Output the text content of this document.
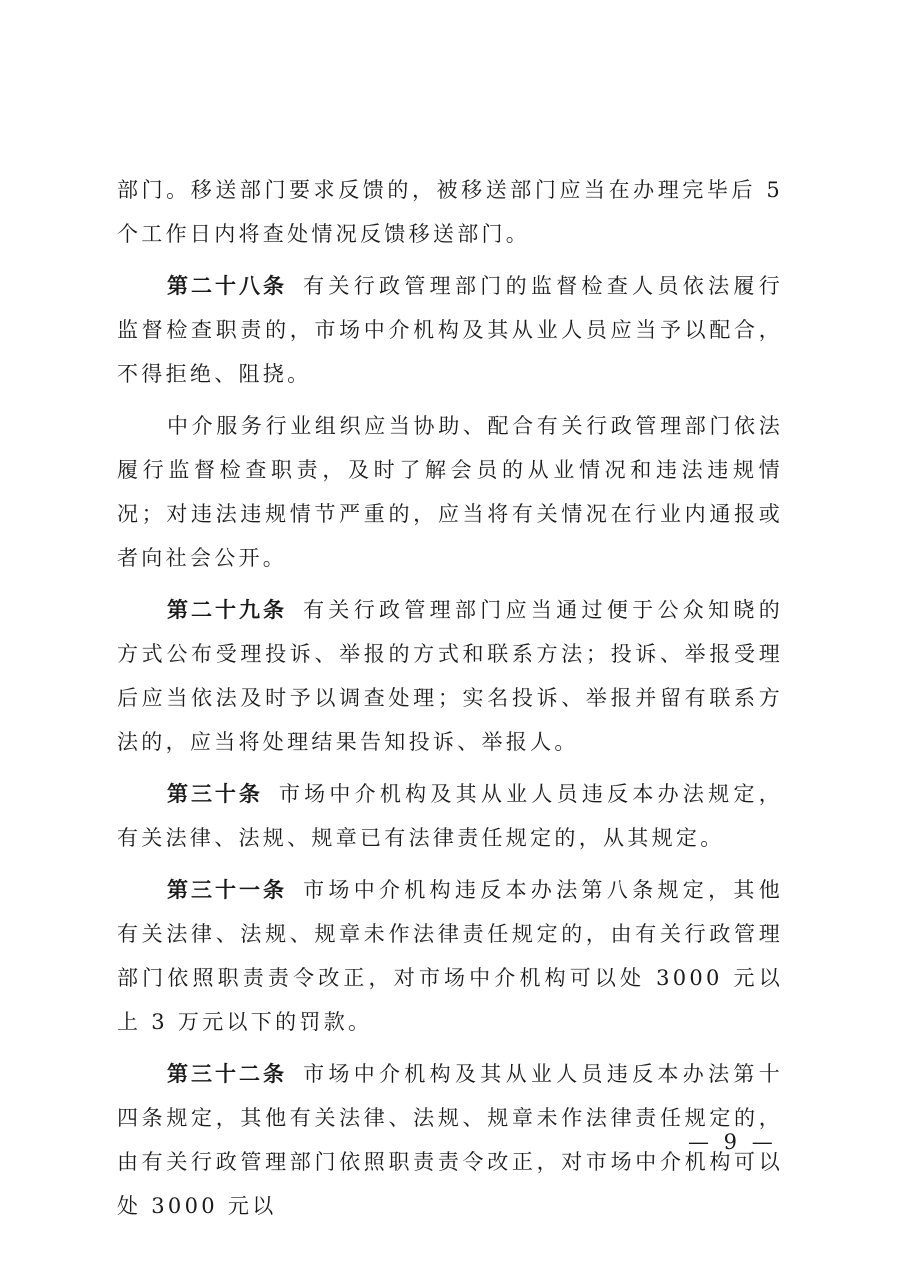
部门。移送部门要求反馈的，被移送部门应当在办理完毕后 5 个工作日内将查处情况反馈移送部门。

第二十八条 有关行政管理部门的监督检查人员依法履行监督检查职责的，市场中介机构及其从业人员应当予以配合，不得拒绝、阻挠。

中介服务行业组织应当协助、配合有关行政管理部门依法履行监督检查职责，及时了解会员的从业情况和违法违规情况；对违法违规情节严重的，应当将有关情况在行业内通报或者向社会公开。

第二十九条 有关行政管理部门应当通过便于公众知晓的方式公布受理投诉、举报的方式和联系方法；投诉、举报受理后应当依法及时予以调查处理；实名投诉、举报并留有联系方法的，应当将处理结果告知投诉、举报人。

第三十条 市场中介机构及其从业人员违反本办法规定，有关法律、法规、规章已有法律责任规定的，从其规定。

第三十一条 市场中介机构违反本办法第八条规定，其他有关法律、法规、规章未作法律责任规定的，由有关行政管理部门依照职责责令改正，对市场中介机构可以处 3000 元以上 3 万元以下的罚款。

第三十二条 市场中介机构及其从业人员违反本办法第十四条规定，其他有关法律、法规、规章未作法律责任规定的，由有关行政管理部门依照职责责令改正，对市场中介机构可以处 3000 元以

— 9 —
